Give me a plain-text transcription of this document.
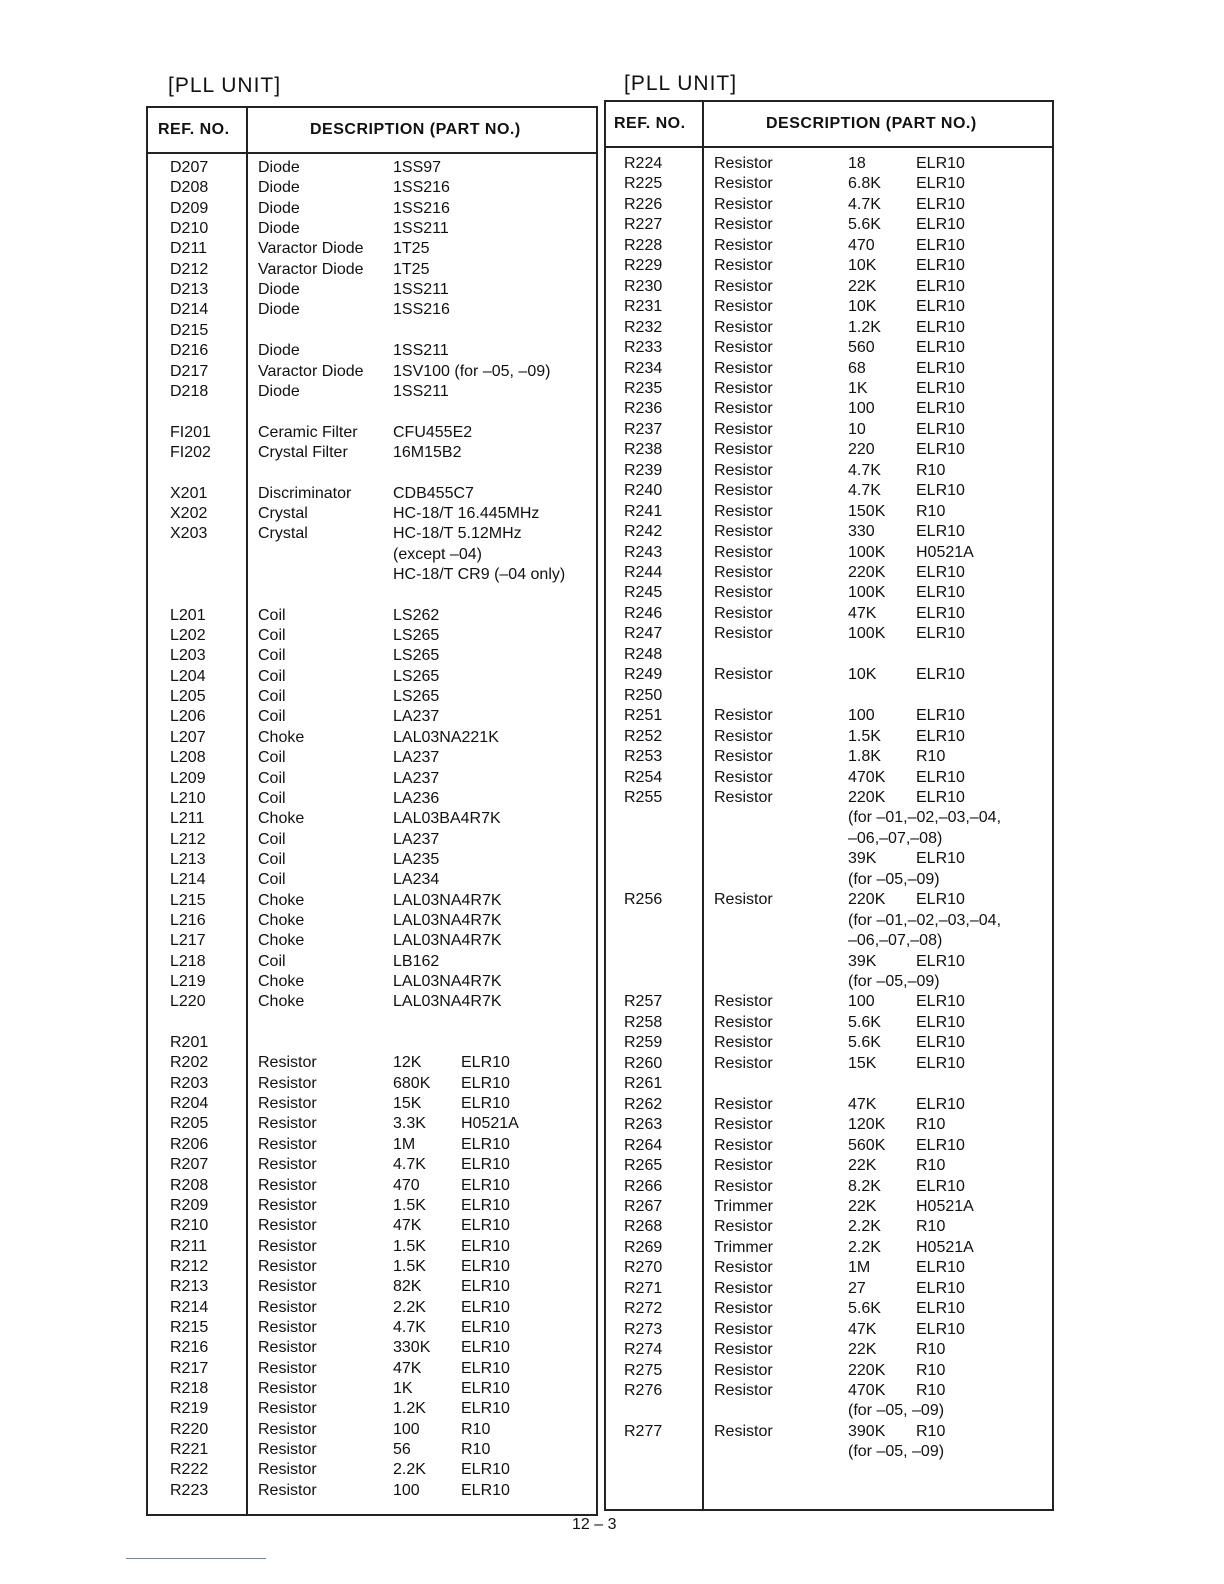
[PLL UNIT]	[PLL UNIT]
REF. NO.	DESCRIPTION (PART NO.)
D207	Diode	1SS97
D208	Diode	1SS216
D209	Diode	1SS216
D210	Diode	1SS211
D211	Varactor Diode 1T25
D212	Varactor Diode 1T25
D213	Diode	1SS211
D214	Diode	1SS216
D215
D216	Diode	1SS211
D217	Varactor Diode 1SV100 (for –05, –09)
D218	Diode	1SS211
FI201	Ceramic Filter CFU455E2
FI202	Crystal Filter	16M15B2
X201	Discriminator	CDB455C7
X202	Crystal	HC-18/T 16.445MHz
X203	Crystal	HC-18/T 5.12MHz
(except –04)
HC-18/T CR9 (–04 only)
L201	Coil	LS262
L202	Coil	LS265
L203	Coil	LS265
L204	Coil	LS265
L205	Coil	LS265
L206	Coil	LA237
L207	Choke	LAL03NA221K
L208	Coil	LA237
L209	Coil	LA237
L210	Coil	LA236
L211	Choke	LAL03BA4R7K
L212	Coil	LA237
L213	Coil	LA235
L214	Coil	LA234
L215	Choke	LAL03NA4R7K
L216	Choke	LAL03NA4R7K
L217	Choke	LAL03NA4R7K
L218	Coil	LB162
L219	Choke	LAL03NA4R7K
L220	Choke	LAL03NA4R7K
R201
R202	Resistor	12K ELR10
R203	Resistor	680K ELR10
R204	Resistor	15K ELR10
R205	Resistor	3.3K H0521A
R206	Resistor	1M	ELR10
R207	Resistor	4.7K ELR10
R208	Resistor	470	ELR10
R209	Resistor	1.5K ELR10
R210	Resistor	47K ELR10
R211	Resistor	1.5K ELR10
R212	Resistor	1.5K ELR10
R213	Resistor	82K ELR10
R214	Resistor	2.2K ELR10
R215	Resistor	4.7K ELR10
R216	Resistor	330K ELR10
R217	Resistor	47K ELR10
R218	Resistor	1K	ELR10
R219	Resistor	1.2K ELR10
R220	Resistor	100	R10
R221	Resistor	56	R10
R222	Resistor	2.2K ELR10
R223	Resistor	100	ELR10
REF. NO.	DESCRIPTION (PART NO.)
R224	Resistor	18	ELR10
R225	Resistor	6.8K ELR10
R226	Resistor	4.7K ELR10
R227	Resistor	5.6K ELR10
R228	Resistor	470	ELR10
R229	Resistor	10K ELR10
R230	Resistor	22K ELR10
R231	Resistor	10K ELR10
R232	Resistor	1.2K ELR10
R233	Resistor	560	ELR10
R234	Resistor	68	ELR10
R235	Resistor	1K	ELR10
R236	Resistor	100	ELR10
R237	Resistor	10	ELR10
R238	Resistor	220	ELR10
R239	Resistor	4.7K R10
R240	Resistor	4.7K ELR10
R241	Resistor	150K R10
R242	Resistor	330	ELR10
R243	Resistor	100K H0521A
R244	Resistor	220K ELR10
R245	Resistor	100K ELR10
R246	Resistor	47K ELR10
R247	Resistor	100K ELR10
R248
R249	Resistor	10K ELR10
R250
R251	Resistor	100	ELR10
R252	Resistor	1.5K ELR10
R253	Resistor	1.8K R10
R254	Resistor	470K ELR10
R255	Resistor	220K ELR10
(for –01,–02,–03,–04,
–06,–07,–08)
39K ELR10
(for –05,–09)
R256	Resistor	220K ELR10
(for –01,–02,–03,–04,
–06,–07,–08)
39K ELR10
(for –05,–09)
R257	Resistor	100	ELR10
R258	Resistor	5.6K ELR10
R259	Resistor	5.6K ELR10
R260	Resistor	15K ELR10
R261
R262	Resistor	47K ELR10
R263	Resistor	120K R10
R264	Resistor	560K ELR10
R265	Resistor	22K R10
R266	Resistor	8.2K ELR10
R267	Trimmer	22K H0521A
R268	Resistor	2.2K R10
R269	Trimmer	2.2K H0521A
R270	Resistor	1M	ELR10
R271	Resistor	27	ELR10
R272	Resistor	5.6K ELR10
R273	Resistor	47K ELR10
R274	Resistor	22K R10
R275	Resistor	220K R10
R276	Resistor	470K R10
(for –05, –09)
R277	Resistor	390K R10
(for –05, –09)
12 – 3
